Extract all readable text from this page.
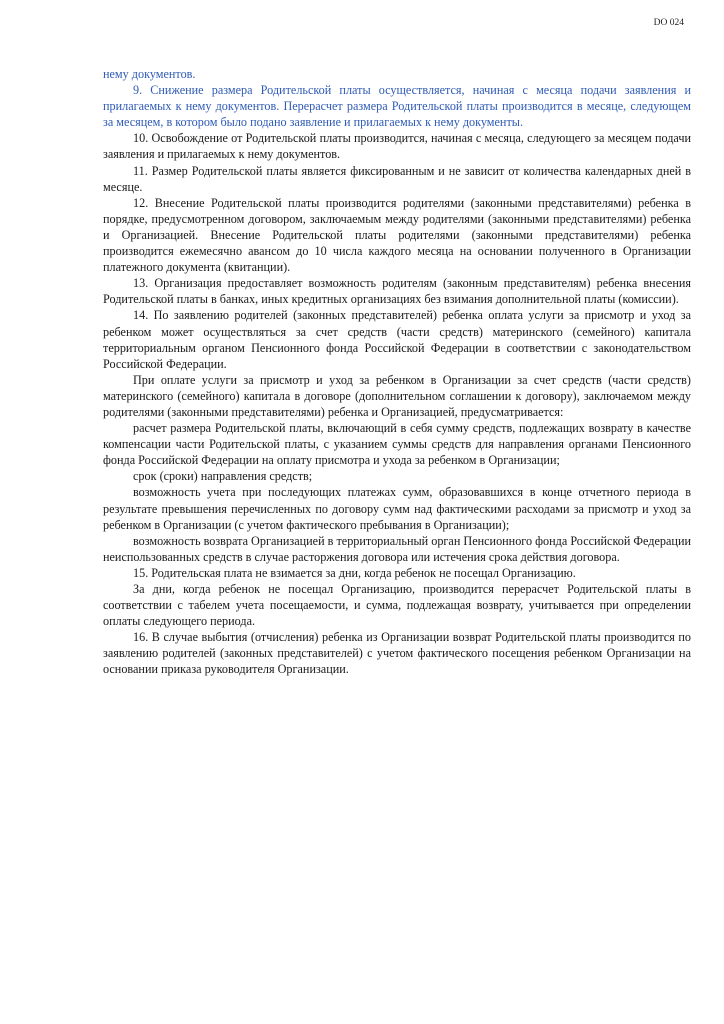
DO 024

нему документов.

9. Снижение размера Родительской платы осуществляется, начиная с месяца подачи заявления и прилагаемых к нему документов. Перерасчет размера Родительской платы производится в месяце, следующем за месяцем, в котором было подано заявление и прилагаемых к нему документы.

10. Освобождение от Родительской платы производится, начиная с месяца, следующего за месяцем подачи заявления и прилагаемых к нему документов.

11. Размер Родительской платы является фиксированным и не зависит от количества календарных дней в месяце.

12. Внесение Родительской платы производится родителями (законными представителями) ребенка в порядке, предусмотренном договором, заключаемым между родителями (законными представителями) ребенка и Организацией. Внесение Родительской платы родителями (законными представителями) ребенка производится ежемесячно авансом до 10 числа каждого месяца на основании полученного в Организации платежного документа (квитанции).

13. Организация предоставляет возможность родителям (законным представителям) ребенка внесения Родительской платы в банках, иных кредитных организациях без взимания дополнительной платы (комиссии).

14. По заявлению родителей (законных представителей) ребенка оплата услуги за присмотр и уход за ребенком может осуществляться за счет средств (части средств) материнского (семейного) капитала территориальным органом Пенсионного фонда Российской Федерации в соответствии с законодательством Российской Федерации.

При оплате услуги за присмотр и уход за ребенком в Организации за счет средств (части средств) материнского (семейного) капитала в договоре (дополнительном соглашении к договору), заключаемом между родителями (законными представителями) ребенка и Организацией, предусматривается:

расчет размера Родительской платы, включающий в себя сумму средств, подлежащих возврату в качестве компенсации части Родительской платы, с указанием суммы средств для направления органами Пенсионного фонда Российской Федерации на оплату присмотра и ухода за ребенком в Организации;

срок (сроки) направления средств;

возможность учета при последующих платежах сумм, образовавшихся в конце отчетного периода в результате превышения перечисленных по договору сумм над фактическими расходами за присмотр и уход за ребенком в Организации (с учетом фактического пребывания в Организации);

возможность возврата Организацией в территориальный орган Пенсионного фонда Российской Федерации неиспользованных средств в случае расторжения договора или истечения срока действия договора.

15. Родительская плата не взимается за дни, когда ребенок не посещал Организацию.

За дни, когда ребенок не посещал Организацию, производится перерасчет Родительской платы в соответствии с табелем учета посещаемости, и сумма, подлежащая возврату, учитывается при определении оплаты следующего периода.

16. В случае выбытия (отчисления) ребенка из Организации возврат Родительской платы производится по заявлению родителей (законных представителей) с учетом фактического посещения ребенком Организации на основании приказа руководителя Организации.
